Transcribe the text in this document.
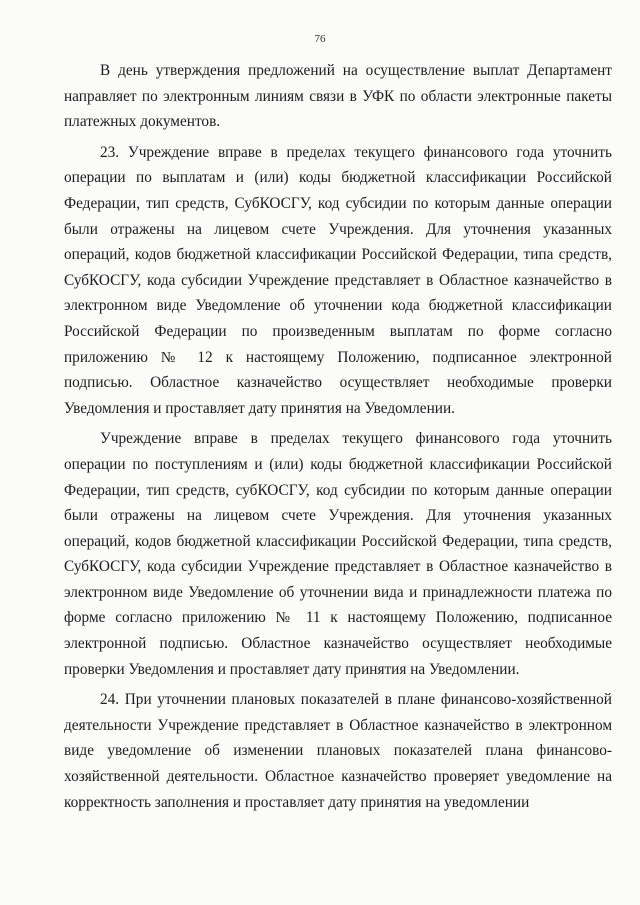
76
В день утверждения предложений на осуществление выплат Департамент
направляет по электронным линиям связи в УФК по области электронные пакеты
платежных документов.
23. Учреждение вправе в пределах текущего финансового года уточнить
операции по выплатам и (или) коды бюджетной классификации Российской
Федерации, тип средств, СубКОСГУ, код субсидии по которым данные операции
были отражены на лицевом счете Учреждения. Для уточнения указанных
операций, кодов бюджетной классификации Российской Федерации, типа средств,
СубКОСГУ, кода субсидии Учреждение представляет в Областное казначейство в
электронном виде Уведомление об уточнении кода бюджетной классификации
Российской Федерации по произведенным выплатам по форме согласно
приложению № 12 к настоящему Положению, подписанное электронной
подписью. Областное казначейство осуществляет необходимые проверки
Уведомления и проставляет дату принятия на Уведомлении.
Учреждение вправе в пределах текущего финансового года уточнить
операции по поступлениям и (или) коды бюджетной классификации Российской
Федерации, тип средств, субКОСГУ, код субсидии по которым данные операции
были отражены на лицевом счете Учреждения. Для уточнения указанных
операций, кодов бюджетной классификации Российской Федерации, типа средств,
СубКОСГУ, кода субсидии Учреждение представляет в Областное казначейство в
электронном виде Уведомление об уточнении вида и принадлежности платежа по
форме согласно приложению № 11 к настоящему Положению, подписанное
электронной подписью. Областное казначейство осуществляет необходимые
проверки Уведомления и проставляет дату принятия на Уведомлении.
24. При уточнении плановых показателей в плане финансово-хозяйственной
деятельности Учреждение представляет в Областное казначейство в электронном
виде уведомление об изменении плановых показателей плана финансово-
хозяйственной деятельности. Областное казначейство проверяет уведомление на
корректность заполнения и проставляет дату принятия на уведомлении
